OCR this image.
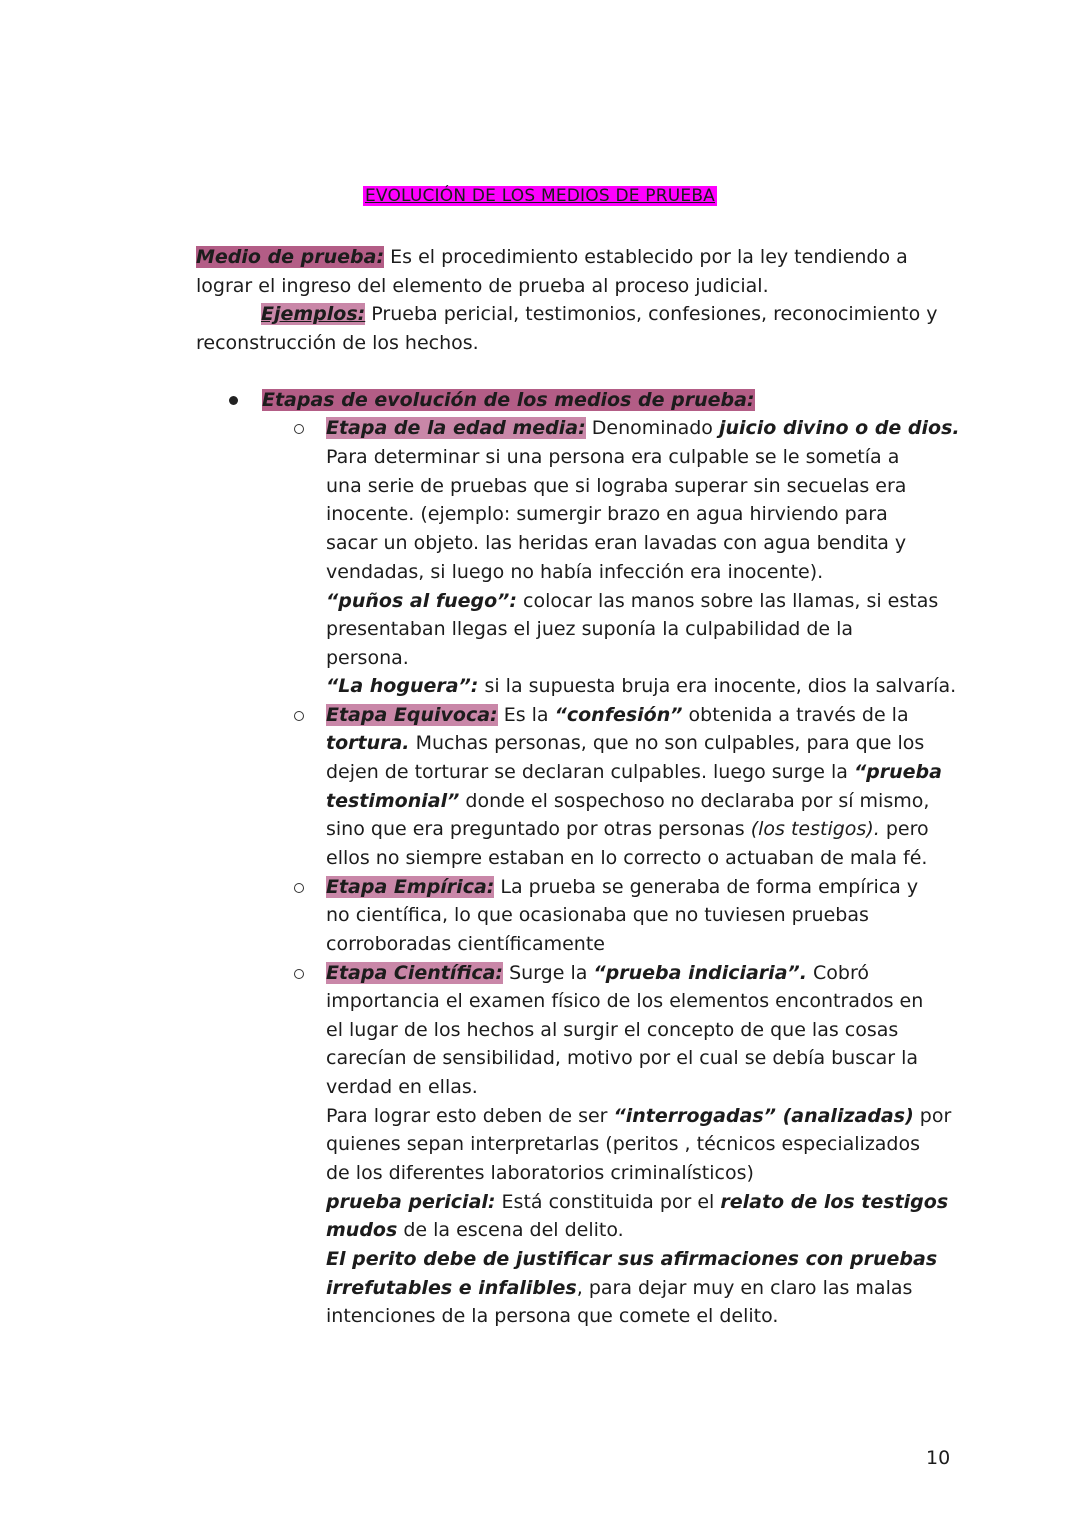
EVOLUCIÓN DE LOS MEDIOS DE PRUEBA
Medio de prueba: Es el procedimiento establecido por la ley tendiendo a
lograr el ingreso del elemento de prueba al proceso judicial.
Ejemplos: Prueba pericial, testimonios, confesiones, reconocimiento y
reconstrucción de los hechos.
Etapas de evolución de los medios de prueba:
Etapa de la edad media: Denominado juicio divino o de dios.
Para determinar si una persona era culpable se le sometía a
una serie de pruebas que si lograba superar sin secuelas era
inocente. (ejemplo: sumergir brazo en agua hirviendo para
sacar un objeto. las heridas eran lavadas con agua bendita y
vendadas, si luego no había infección era inocente).
“puños al fuego”: colocar las manos sobre las llamas, si estas
presentaban llegas el juez suponía la culpabilidad de la
persona.
“La hoguera”: si la supuesta bruja era inocente, dios la salvaría.
Etapa Equivoca: Es la “confesión” obtenida a través de la
tortura. Muchas personas, que no son culpables, para que los
dejen de torturar se declaran culpables. luego surge la “prueba
testimonial” donde el sospechoso no declaraba por sí mismo,
sino que era preguntado por otras personas (los testigos). pero
ellos no siempre estaban en lo correcto o actuaban de mala fé.
Etapa Empírica: La prueba se generaba de forma empírica y
no científica, lo que ocasionaba que no tuviesen pruebas
corroboradas científicamente
Etapa Científica: Surge la “prueba indiciaria”. Cobró
importancia el examen físico de los elementos encontrados en
el lugar de los hechos al surgir el concepto de que las cosas
carecían de sensibilidad, motivo por el cual se debía buscar la
verdad en ellas.
Para lograr esto deben de ser “interrogadas” (analizadas) por
quienes sepan interpretarlas (peritos , técnicos especializados
de los diferentes laboratorios criminalísticos)
prueba pericial: Está constituida por el relato de los testigos
mudos de la escena del delito.
El perito debe de justificar sus afirmaciones con pruebas
irrefutables e infalibles, para dejar muy en claro las malas
intenciones de la persona que comete el delito.
10
